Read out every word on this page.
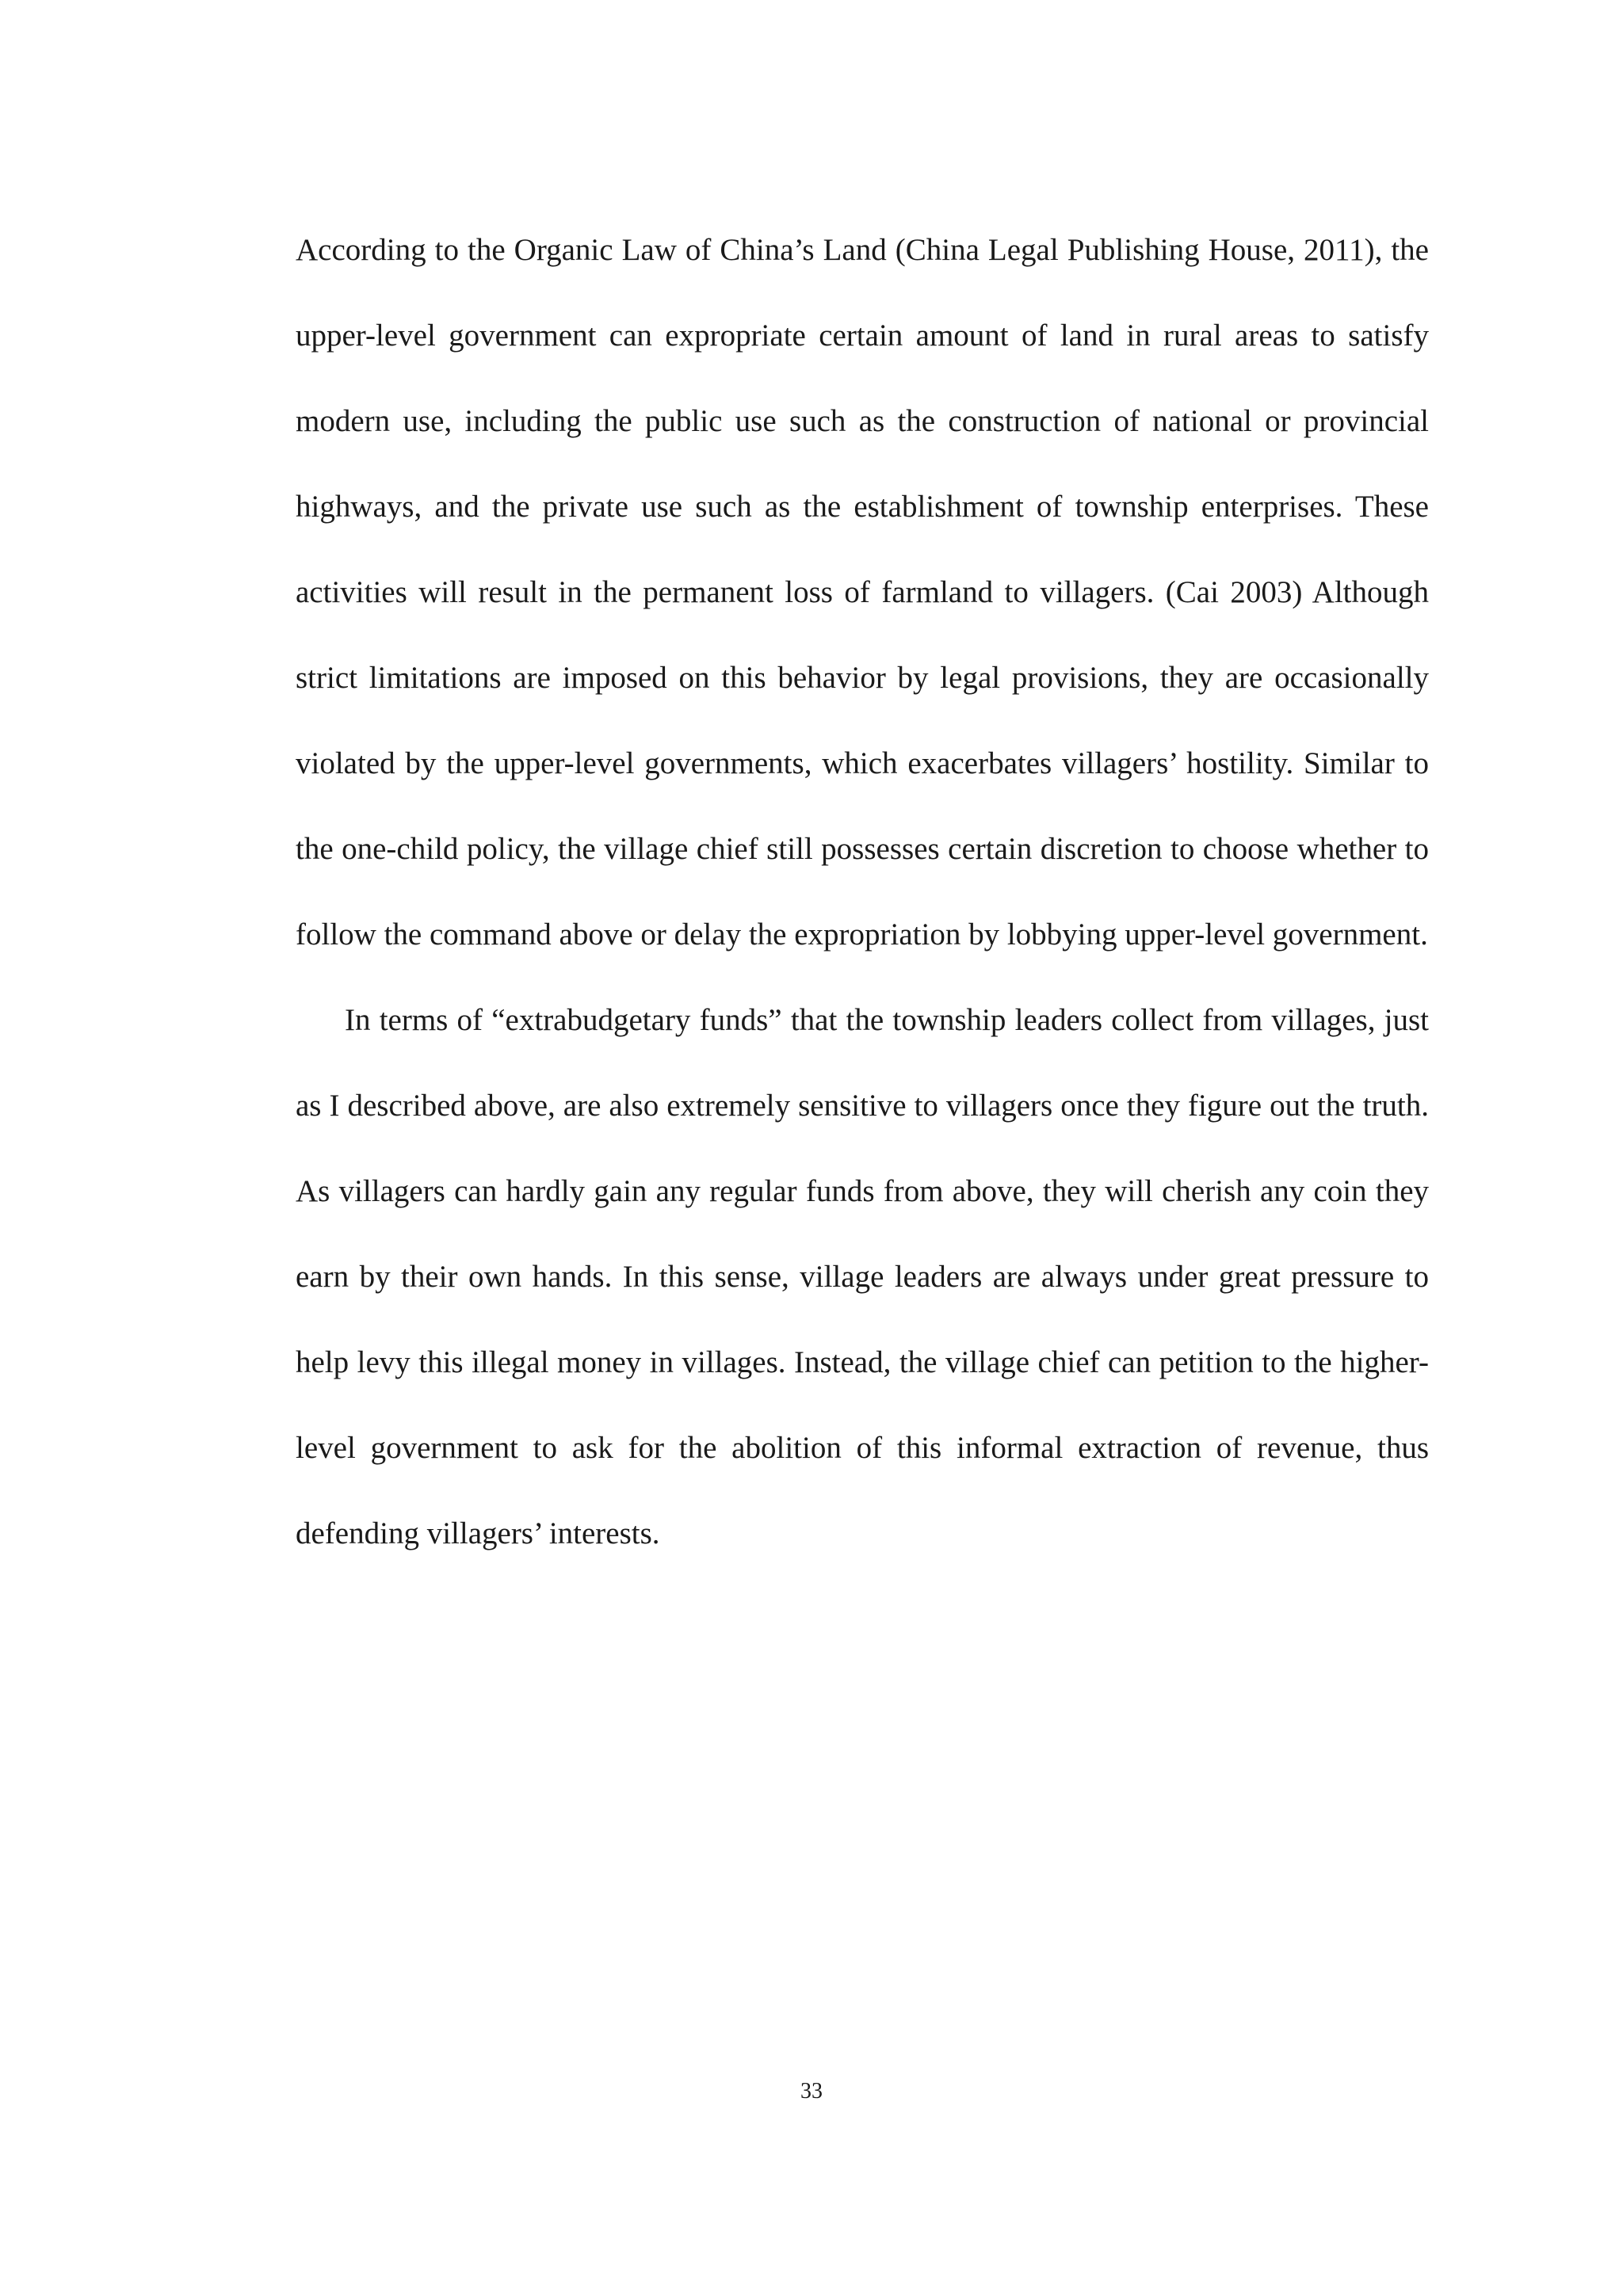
According to the Organic Law of China’s Land (China Legal Publishing House, 2011), the upper-level government can expropriate certain amount of land in rural areas to satisfy modern use, including the public use such as the construction of national or provincial highways, and the private use such as the establishment of township enterprises. These activities will result in the permanent loss of farmland to villagers. (Cai 2003) Although strict limitations are imposed on this behavior by legal provisions, they are occasionally violated by the upper-level governments, which exacerbates villagers’ hostility. Similar to the one-child policy, the village chief still possesses certain discretion to choose whether to follow the command above or delay the expropriation by lobbying upper-level government.

In terms of “extrabudgetary funds” that the township leaders collect from villages, just as I described above, are also extremely sensitive to villagers once they figure out the truth. As villagers can hardly gain any regular funds from above, they will cherish any coin they earn by their own hands. In this sense, village leaders are always under great pressure to help levy this illegal money in villages. Instead, the village chief can petition to the higher-level government to ask for the abolition of this informal extraction of revenue, thus defending villagers’ interests.

33
